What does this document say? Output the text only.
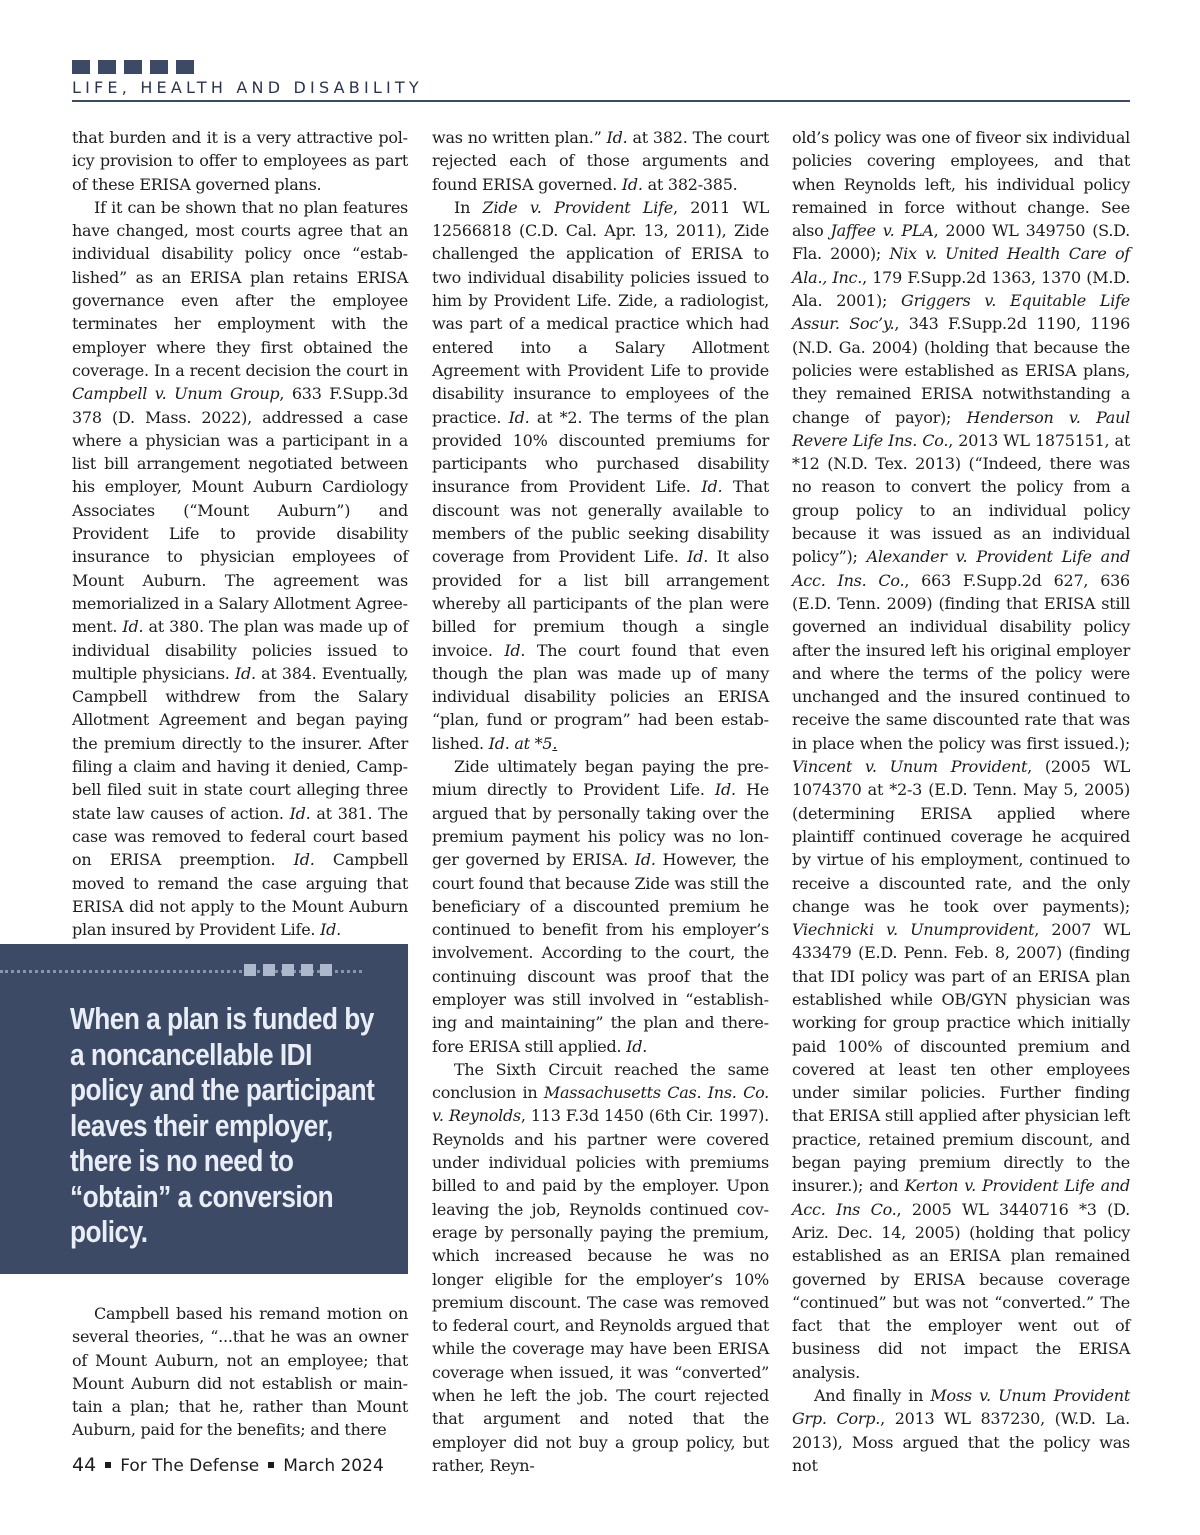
LIFE, HEALTH AND DISABILITY

that burden and it is a very attractive policy provision to offer to employees as part of these ERISA governed plans.

If it can be shown that no plan features have changed, most courts agree that an individual disability policy once “established” as an ERISA plan retains ERISA governance even after the employee terminates her employment with the employer where they first obtained the coverage. In a recent decision the court in Campbell v. Unum Group, 633 F.Supp.3d 378 (D. Mass. 2022), addressed a case where a physician was a participant in a list bill arrangement negotiated between his employer, Mount Auburn Cardiology Associates (“Mount Auburn”) and Provident Life to provide disability insurance to physician employees of Mount Auburn. The agreement was memorialized in a Salary Allotment Agreement. Id. at 380. The plan was made up of individual disability policies issued to multiple physicians. Id. at 384. Eventually, Campbell withdrew from the Salary Allotment Agreement and began paying the premium directly to the insurer. After filing a claim and having it denied, Campbell filed suit in state court alleging three state law causes of action. Id. at 381. The case was removed to federal court based on ERISA preemption. Id. Campbell moved to remand the case arguing that ERISA did not apply to the Mount Auburn plan insured by Provident Life. Id.

When a plan is funded by a noncancellable IDI policy and the participant leaves their employer, there is no need to “obtain” a conversion policy.

Campbell based his remand motion on several theories, “...that he was an owner of Mount Auburn, not an employee; that Mount Auburn did not establish or maintain a plan; that he, rather than Mount Auburn, paid for the benefits; and there

was no written plan.” Id. at 382. The court rejected each of those arguments and found ERISA governed. Id. at 382-385.

In Zide v. Provident Life, 2011 WL 12566818 (C.D. Cal. Apr. 13, 2011), Zide challenged the application of ERISA to two individual disability policies issued to him by Provident Life. Zide, a radiologist, was part of a medical practice which had entered into a Salary Allotment Agreement with Provident Life to provide disability insurance to employees of the practice. Id. at *2. The terms of the plan provided 10% discounted premiums for participants who purchased disability insurance from Provident Life. Id. That discount was not generally available to members of the public seeking disability coverage from Provident Life. Id. It also provided for a list bill arrangement whereby all participants of the plan were billed for premium though a single invoice. Id. The court found that even though the plan was made up of many individual disability policies an ERISA “plan, fund or program” had been established. Id. at *5.

Zide ultimately began paying the premium directly to Provident Life. Id. He argued that by personally taking over the premium payment his policy was no longer governed by ERISA. Id. However, the court found that because Zide was still the beneficiary of a discounted premium he continued to benefit from his employer’s involvement. According to the court, the continuing discount was proof that the employer was still involved in “establishing and maintaining” the plan and therefore ERISA still applied. Id.

The Sixth Circuit reached the same conclusion in Massachusetts Cas. Ins. Co. v. Reynolds, 113 F.3d 1450 (6th Cir. 1997). Reynolds and his partner were covered under individual policies with premiums billed to and paid by the employer. Upon leaving the job, Reynolds continued coverage by personally paying the premium, which increased because he was no longer eligible for the employer’s 10% premium discount. The case was removed to federal court, and Reynolds argued that while the coverage may have been ERISA coverage when issued, it was “converted” when he left the job. The court rejected that argument and noted that the employer did not buy a group policy, but rather, Reyn-

old’s policy was one of fiveor six individual policies covering employees, and that when Reynolds left, his individual policy remained in force without change. See also Jaffee v. PLA, 2000 WL 349750 (S.D. Fla. 2000); Nix v. United Health Care of Ala., Inc., 179 F.Supp.2d 1363, 1370 (M.D. Ala. 2001); Griggers v. Equitable Life Assur. Soc’y., 343 F.Supp.2d 1190, 1196 (N.D. Ga. 2004) (holding that because the policies were established as ERISA plans, they remained ERISA notwithstanding a change of payor); Henderson v. Paul Revere Life Ins. Co., 2013 WL 1875151, at *12 (N.D. Tex. 2013) (“Indeed, there was no reason to convert the policy from a group policy to an individual policy because it was issued as an individual policy”); Alexander v. Provident Life and Acc. Ins. Co., 663 F.Supp.2d 627, 636 (E.D. Tenn. 2009) (finding that ERISA still governed an individual disability policy after the insured left his original employer and where the terms of the policy were unchanged and the insured continued to receive the same discounted rate that was in place when the policy was first issued.); Vincent v. Unum Provident, (2005 WL 1074370 at *2-3 (E.D. Tenn. May 5, 2005) (determining ERISA applied where plaintiff continued coverage he acquired by virtue of his employment, continued to receive a discounted rate, and the only change was he took over payments); Viechnicki v. Unumprovident, 2007 WL 433479 (E.D. Penn. Feb. 8, 2007) (finding that IDI policy was part of an ERISA plan established while OB/GYN physician was working for group practice which initially paid 100% of discounted premium and covered at least ten other employees under similar policies. Further finding that ERISA still applied after physician left practice, retained premium discount, and began paying premium directly to the insurer.); and Kerton v. Provident Life and Acc. Ins Co., 2005 WL 3440716 *3 (D. Ariz. Dec. 14, 2005) (holding that policy established as an ERISA plan remained governed by ERISA because coverage “continued” but was not “converted.” The fact that the employer went out of business did not impact the ERISA analysis.

And finally in Moss v. Unum Provident Grp. Corp., 2013 WL 837230, (W.D. La. 2013), Moss argued that the policy was not

44 For The Defense March 2024
